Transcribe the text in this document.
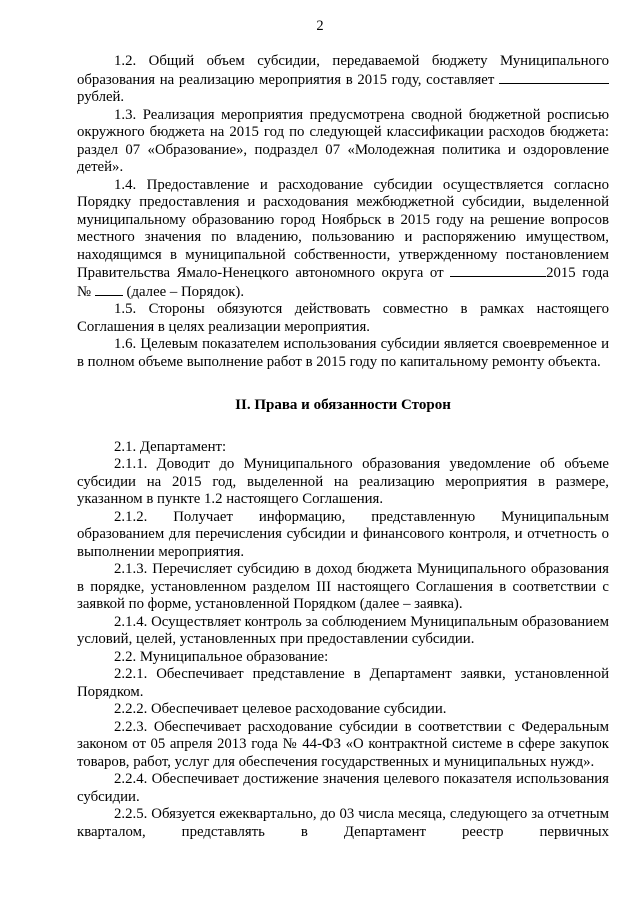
2

1.2. Общий объем субсидии, передаваемой бюджету Муниципального образования на реализацию мероприятия в 2015 году, составляет  рублей.

1.3. Реализация мероприятия предусмотрена сводной бюджетной росписью окружного бюджета на 2015 год по следующей классификации расходов бюджета: раздел 07 «Образование», подраздел 07 «Молодежная политика и оздоровление детей».

1.4. Предоставление и расходование субсидии осуществляется согласно Порядку предоставления и расходования межбюджетной субсидии, выделенной муниципальному образованию город Ноябрьск в 2015 году на решение вопросов местного значения по владению, пользованию и распоряжению имуществом, находящимся в муниципальной собственности, утвержденному постановлением Правительства Ямало-Ненецкого автономного округа от	2015 года №  (далее – Порядок).

1.5. Стороны обязуются действовать совместно в рамках настоящего Соглашения в целях реализации мероприятия.

1.6. Целевым показателем использования субсидии является своевременное и в полном объеме выполнение работ в 2015 году по капитальному ремонту объекта.

II. Права и обязанности Сторон

2.1. Департамент:

2.1.1. Доводит до Муниципального образования уведомление об объеме субсидии на 2015 год, выделенной на реализацию мероприятия в размере, указанном в пункте 1.2 настоящего Соглашения.

2.1.2. Получает информацию, представленную Муниципальным образованием для перечисления субсидии и финансового контроля, и отчетность о выполнении мероприятия.

2.1.3. Перечисляет субсидию в доход бюджета Муниципального образования в порядке, установленном разделом III настоящего Соглашения в соответствии с заявкой по форме, установленной Порядком (далее – заявка).

2.1.4. Осуществляет контроль за соблюдением Муниципальным образованием условий, целей, установленных при предоставлении субсидии.

2.2. Муниципальное образование:

2.2.1. Обеспечивает представление в Департамент заявки, установленной Порядком.

2.2.2. Обеспечивает целевое расходование субсидии.

2.2.3. Обеспечивает расходование субсидии в соответствии с Федеральным законом от 05 апреля 2013 года № 44-ФЗ «О контрактной системе в сфере закупок товаров, работ, услуг для обеспечения государственных и муниципальных нужд».

2.2.4. Обеспечивает достижение значения целевого показателя использования субсидии.

2.2.5. Обязуется ежеквартально, до 03 числа месяца, следующего за отчетным кварталом, представлять в Департамент реестр первичных
